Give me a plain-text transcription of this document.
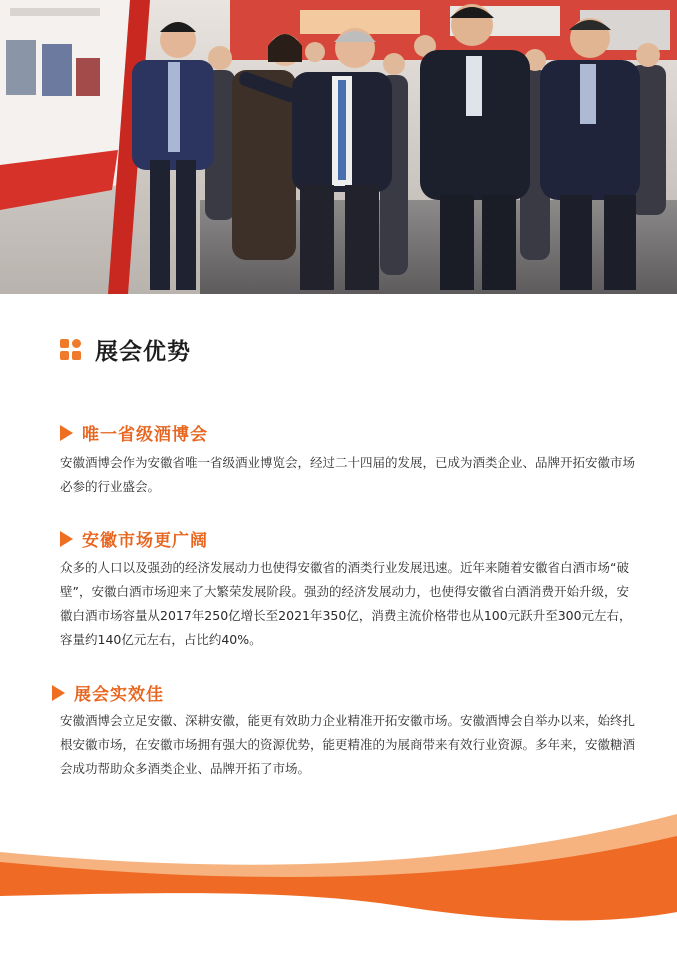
展会优势
唯一省级酒博会

安徽酒博会作为安徽省唯一省级酒业博览会，经过二十四届的发展，已成为酒类企业、品牌开拓安徽市场必参的行业盛会。

安徽市场更广阔

众多的人口以及强劲的经济发展动力也使得安徽省的酒类行业发展迅速。近年来随着安徽省白酒市场“破壁”，安徽白酒市场迎来了大繁荣发展阶段。强劲的经济发展动力，也使得安徽省白酒消费开始升级，安徽白酒市场容量从2017年250亿增长至2021年350亿，消费主流价格带也从100元跃升至300元左右，容量约140亿元左右，占比约40%。

展会实效佳

安徽酒博会立足安徽、深耕安徽，能更有效助力企业精准开拓安徽市场。安徽酒博会自举办以来，始终扎根安徽市场，在安徽市场拥有强大的资源优势，能更精准的为展商带来有效行业资源。多年来，安徽糖酒会成功帮助众多酒类企业、品牌开拓了市场。
